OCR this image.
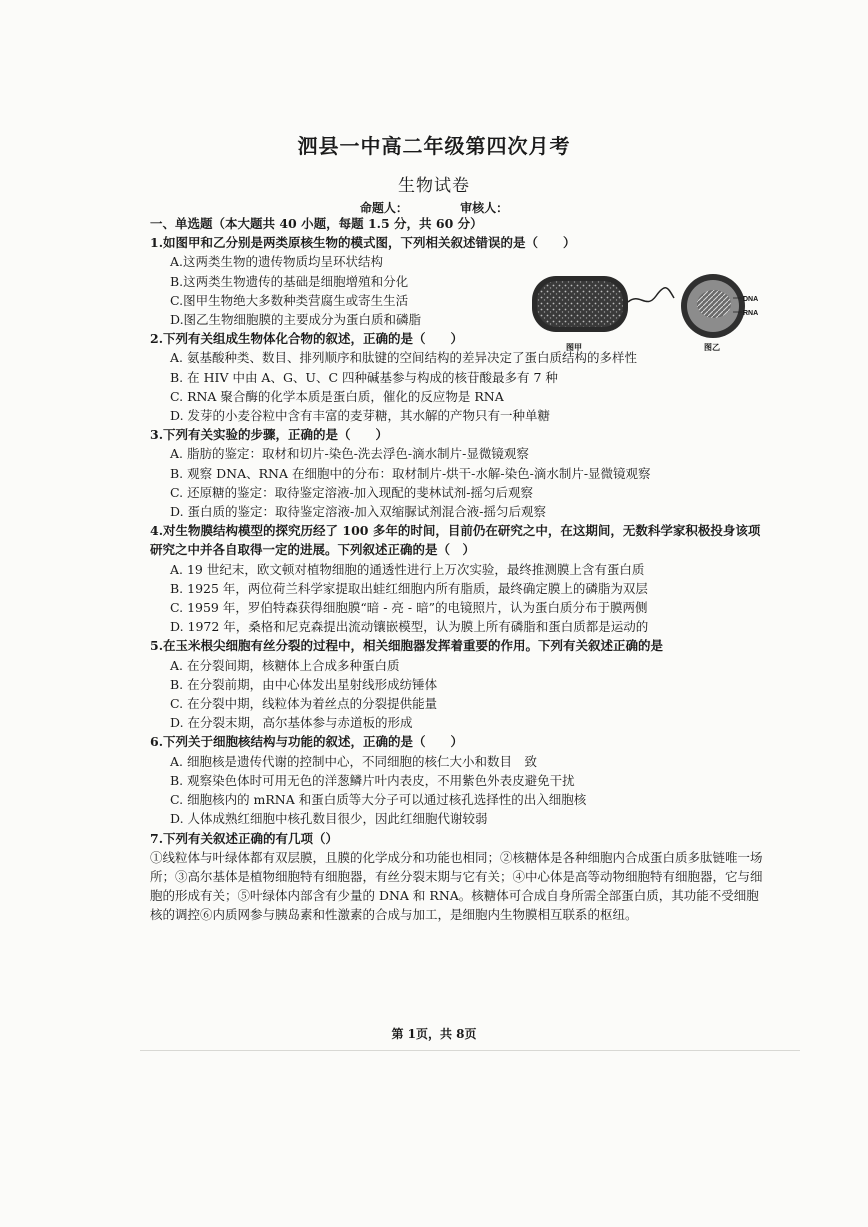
泗县一中高二年级第四次月考
生物试卷
命题人：	审核人：

一、单选题（本大题共 40 小题，每题 1.5 分，共 60 分）

1.如图甲和乙分别是两类原核生物的模式图，下列相关叙述错误的是（　　）

A.这两类生物的遗传物质均呈环状结构

B.这两类生物遗传的基础是细胞增殖和分化

C.图甲生物绝大多数种类营腐生或寄生生活

D.图乙生物细胞膜的主要成分为蛋白质和磷脂

2.下列有关组成生物体化合物的叙述，正确的是（　　）

A. 氨基酸种类、数目、排列顺序和肽键的空间结构的差异决定了蛋白质结构的多样性

B. 在 HIV 中由 A、G、U、C 四种碱基参与构成的核苷酸最多有 7 种

C. RNA 聚合酶的化学本质是蛋白质，催化的反应物是 RNA

D. 发芽的小麦谷粒中含有丰富的麦芽糖，其水解的产物只有一种单糖

3.下列有关实验的步骤，正确的是（　　）

A. 脂肪的鉴定：取材和切片-染色-洗去浮色-滴水制片-显微镜观察

B. 观察 DNA、RNA 在细胞中的分布：取材制片-烘干-水解-染色-滴水制片-显微镜观察

C. 还原糖的鉴定：取待鉴定溶液-加入现配的斐林试剂-摇匀后观察

D. 蛋白质的鉴定：取待鉴定溶液-加入双缩脲试剂混合液-摇匀后观察

4.对生物膜结构模型的探究历经了 100 多年的时间，目前仍在研究之中，在这期间，无数科学家积极投身该项研究之中并各自取得一定的进展。下列叙述正确的是（　）

A. 19 世纪末，欧文顿对植物细胞的通透性进行上万次实验，最终推测膜上含有蛋白质

B. 1925 年，两位荷兰科学家提取出蛙红细胞内所有脂质，最终确定膜上的磷脂为双层

C. 1959 年，罗伯特森获得细胞膜“暗 - 亮 - 暗”的电镜照片，认为蛋白质分布于膜两侧

D. 1972 年，桑格和尼克森提出流动镶嵌模型，认为膜上所有磷脂和蛋白质都是运动的

5.在玉米根尖细胞有丝分裂的过程中，相关细胞器发挥着重要的作用。下列有关叙述正确的是

A. 在分裂间期，核糖体上合成多种蛋白质

B. 在分裂前期，由中心体发出星射线形成纺锤体

C. 在分裂中期，线粒体为着丝点的分裂提供能量

D. 在分裂末期，高尔基体参与赤道板的形成

6.下列关于细胞核结构与功能的叙述，正确的是（　　）

A. 细胞核是遗传代谢的控制中心，不同细胞的核仁大小和数目　致

B. 观察染色体时可用无色的洋葱鳞片叶内表皮，不用紫色外表皮避免干扰

C. 细胞核内的 mRNA 和蛋白质等大分子可以通过核孔选择性的出入细胞核

D. 人体成熟红细胞中核孔数目很少，因此红细胞代谢较弱

7.下列有关叙述正确的有几项（）

①线粒体与叶绿体都有双层膜，且膜的化学成分和功能也相同；②核糖体是各种细胞内合成蛋白质多肽链唯一场所；③高尔基体是植物细胞特有细胞器，有丝分裂末期与它有关；④中心体是高等动物细胞特有细胞器，它与细胞的形成有关；⑤叶绿体内部含有少量的 DNA 和 RNA。核糖体可合成自身所需全部蛋白质，其功能不受细胞核的调控⑥内质网参与胰岛素和性激素的合成与加工，是细胞内生物膜相互联系的枢纽。

DNA
RNA
图甲	图乙
第 1页，共 8页
